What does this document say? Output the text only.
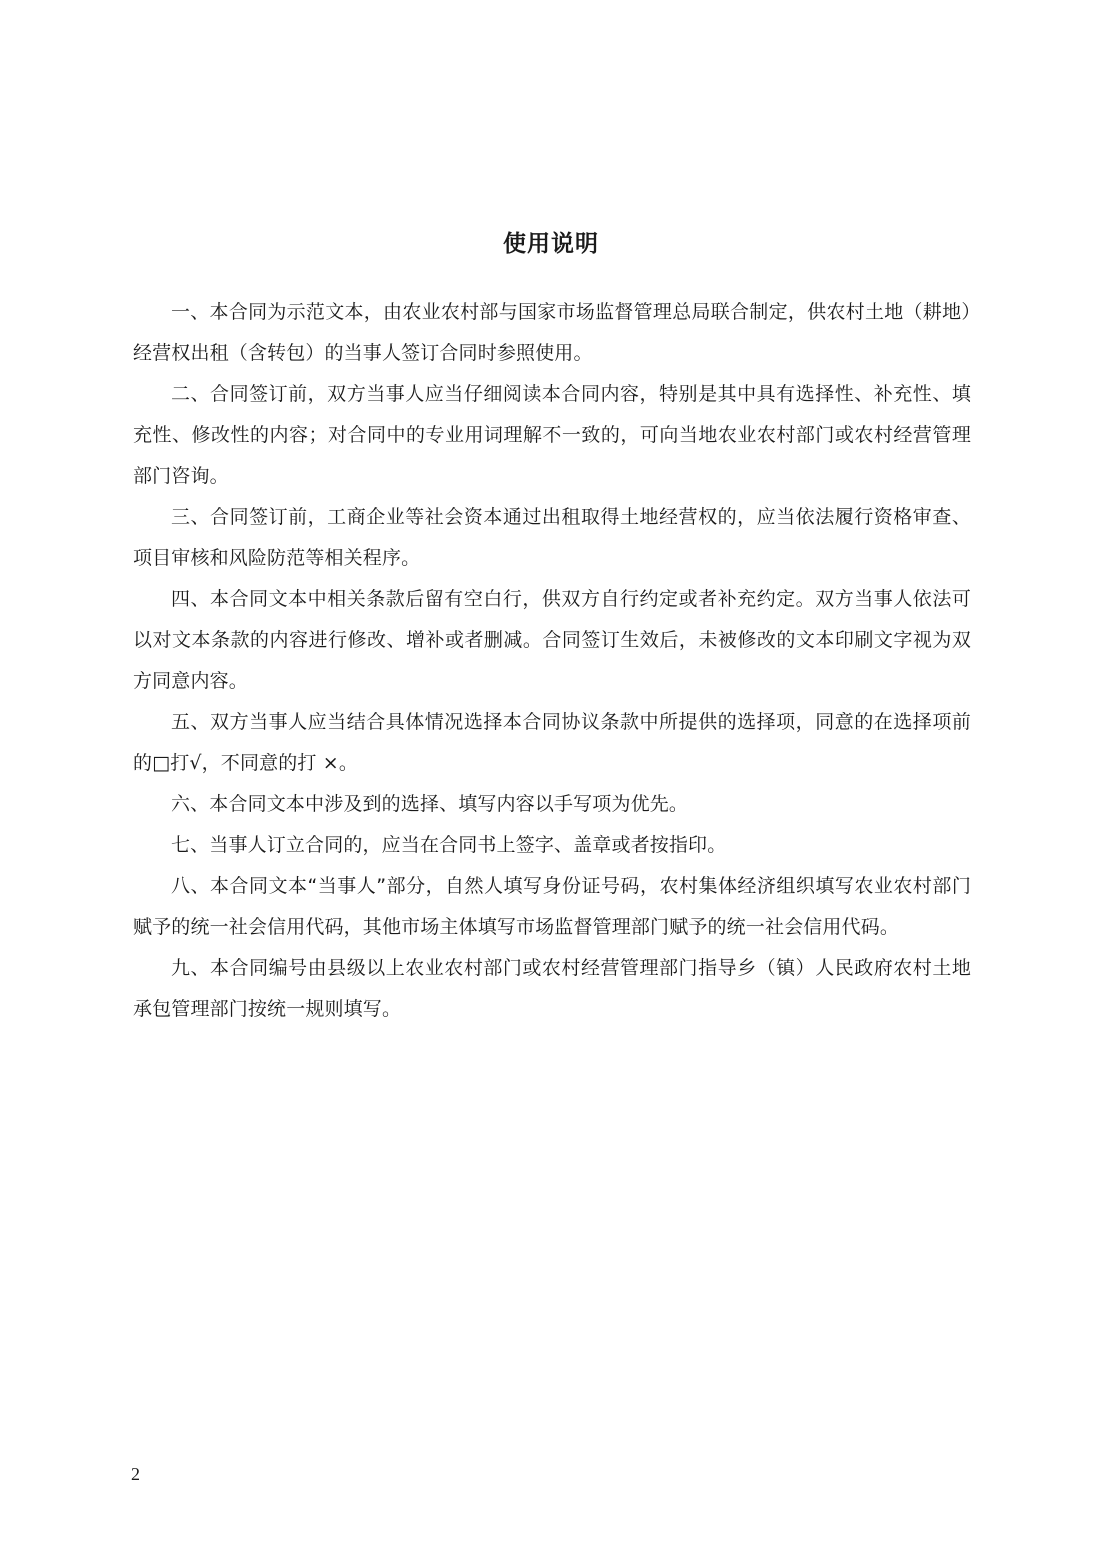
使用说明

一、本合同为示范文本，由农业农村部与国家市场监督管理总局联合制定，供农村土地（耕地）经营权出租（含转包）的当事人签订合同时参照使用。

二、合同签订前，双方当事人应当仔细阅读本合同内容，特别是其中具有选择性、补充性、填充性、修改性的内容；对合同中的专业用词理解不一致的，可向当地农业农村部门或农村经营管理部门咨询。

三、合同签订前，工商企业等社会资本通过出租取得土地经营权的，应当依法履行资格审查、项目审核和风险防范等相关程序。

四、本合同文本中相关条款后留有空白行，供双方自行约定或者补充约定。双方当事人依法可以对文本条款的内容进行修改、增补或者删减。合同签订生效后，未被修改的文本印刷文字视为双方同意内容。

五、双方当事人应当结合具体情况选择本合同协议条款中所提供的选择项，同意的在选择项前的□打√，不同意的打 ×。

六、本合同文本中涉及到的选择、填写内容以手写项为优先。

七、当事人订立合同的，应当在合同书上签字、盖章或者按指印。

八、本合同文本“当事人”部分，自然人填写身份证号码，农村集体经济组织填写农业农村部门赋予的统一社会信用代码，其他市场主体填写市场监督管理部门赋予的统一社会信用代码。

九、本合同编号由县级以上农业农村部门或农村经营管理部门指导乡（镇）人民政府农村土地承包管理部门按统一规则填写。

2
